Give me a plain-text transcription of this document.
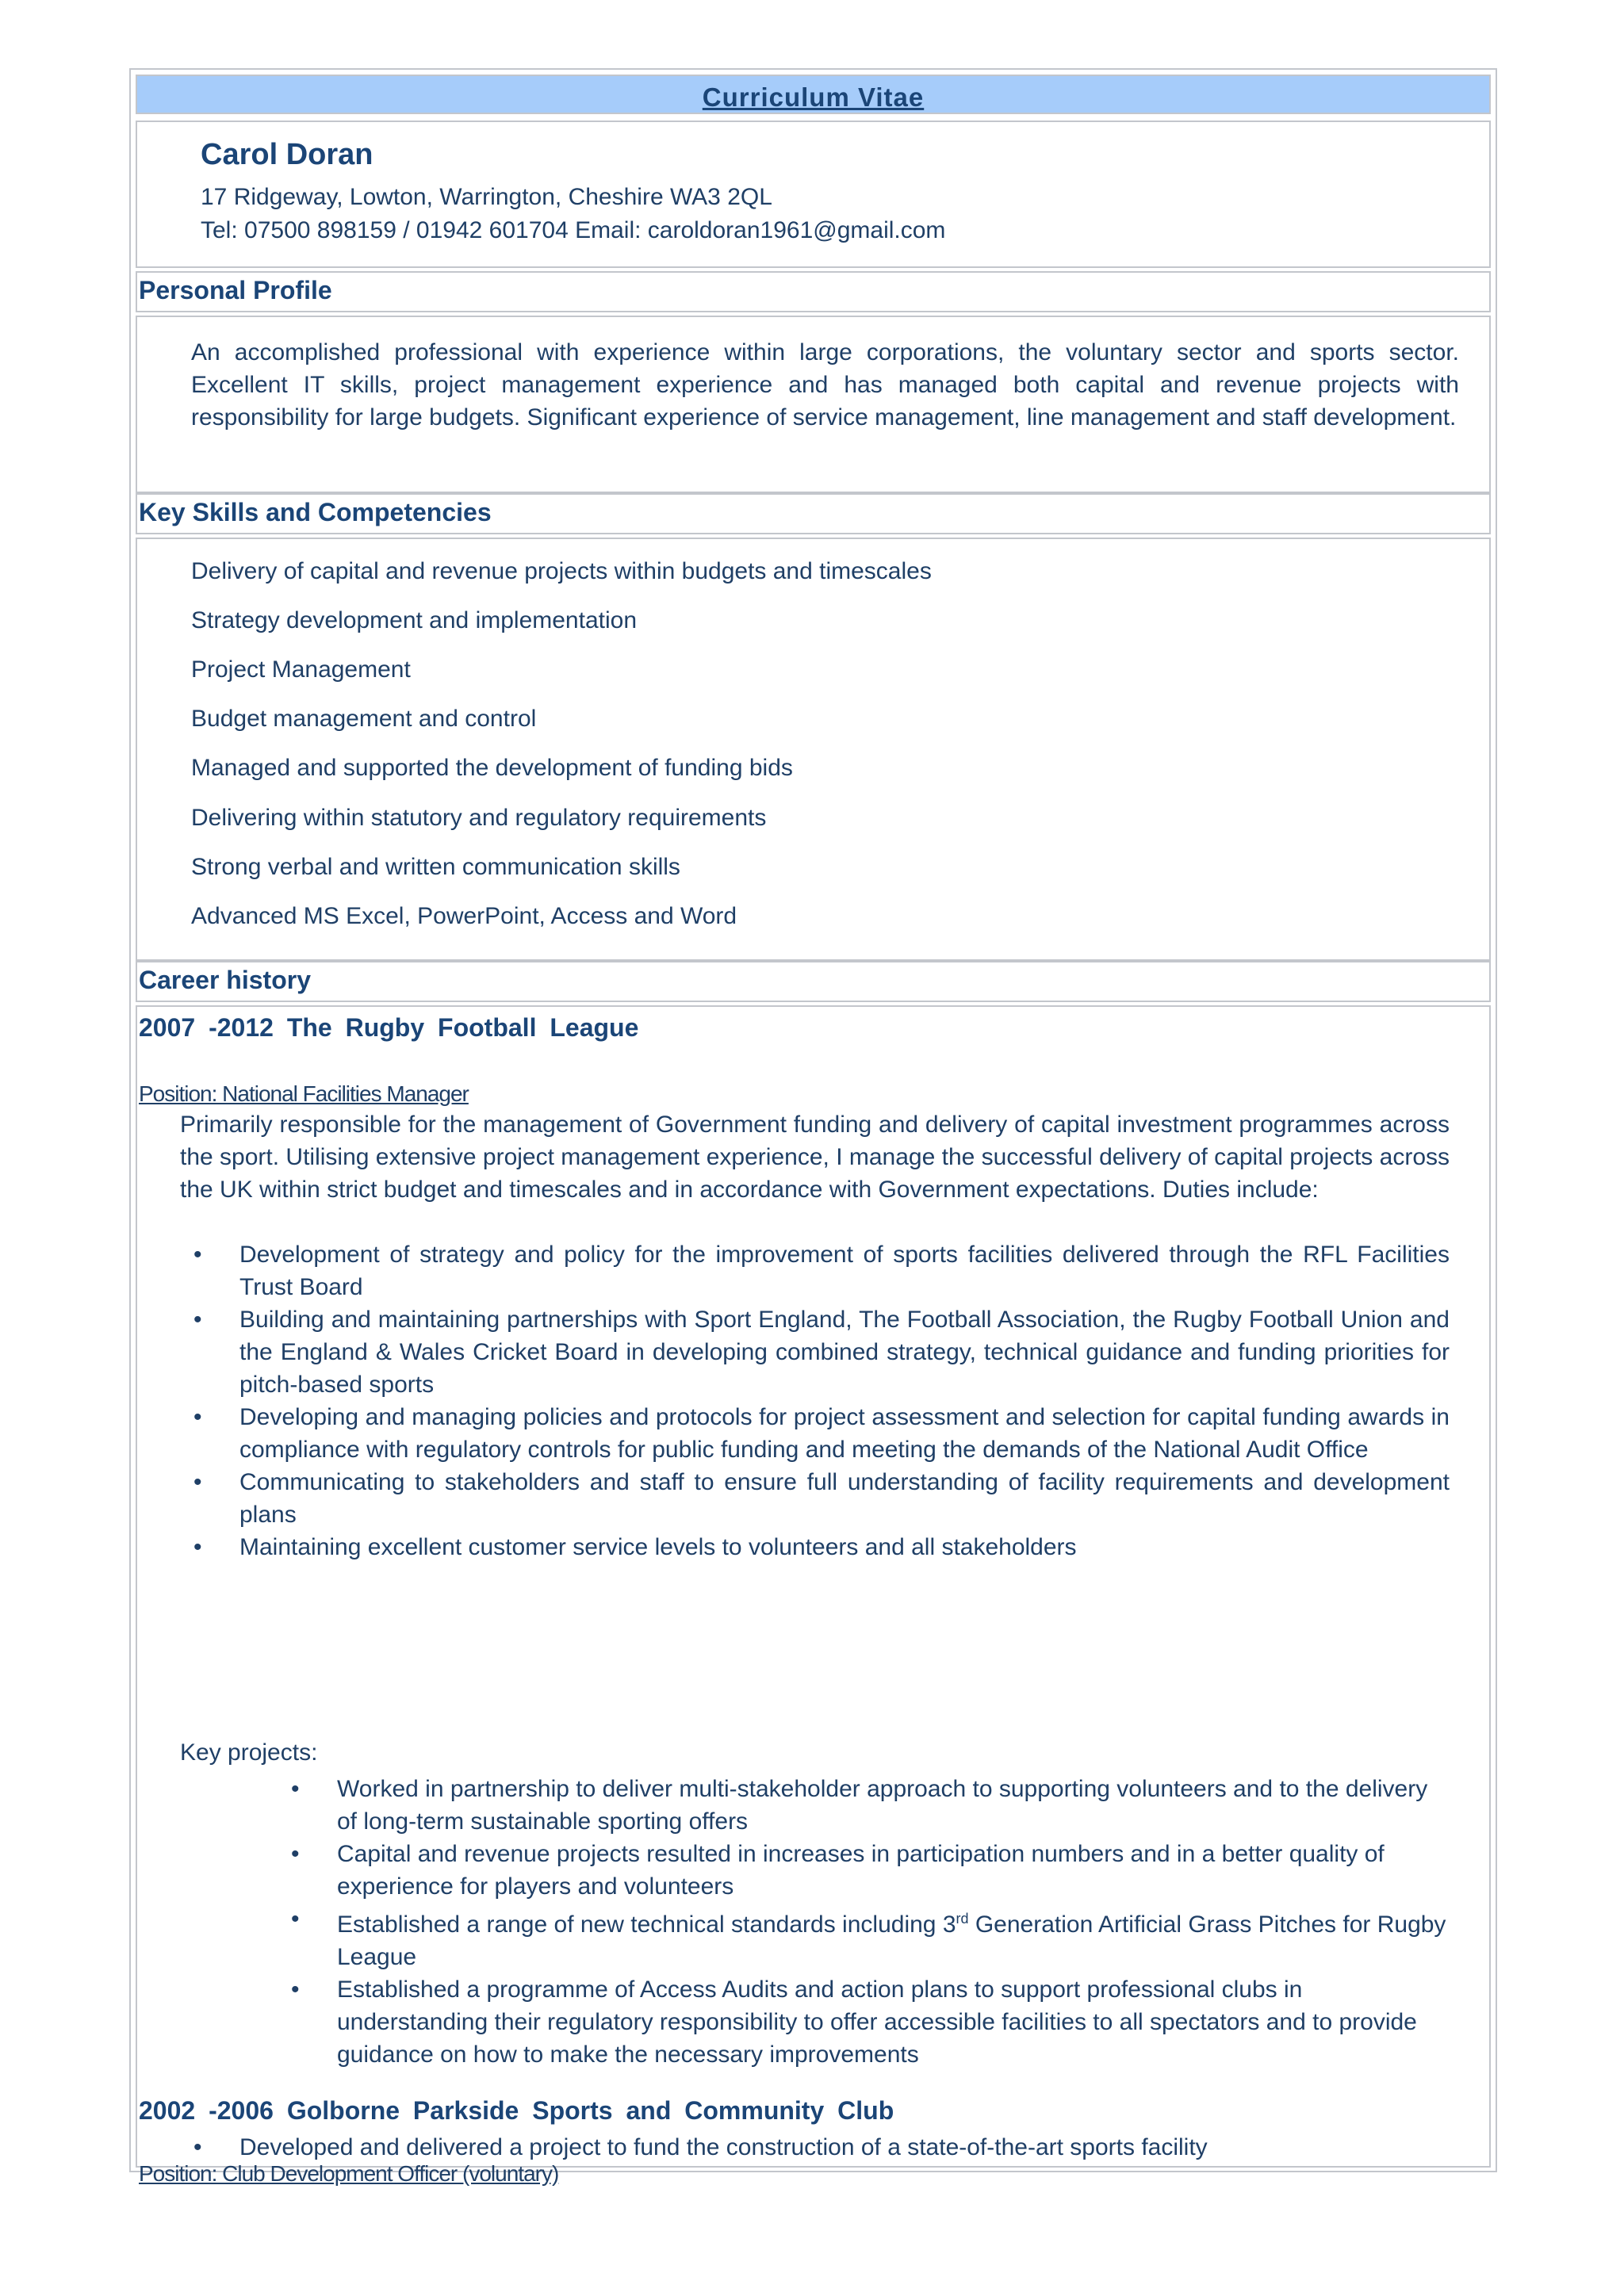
Curriculum Vitae
Carol Doran
17 Ridgeway, Lowton, Warrington, Cheshire WA3 2QL
Tel: 07500 898159 / 01942 601704 Email: caroldoran1961@gmail.com
Personal Profile
An accomplished professional with experience within large corporations, the voluntary sector and sports sector. Excellent IT skills, project management experience and has managed both capital and revenue projects with responsibility for large budgets. Significant experience of service management, line management and staff development.
Key Skills and Competencies
Delivery of capital and revenue projects within budgets and timescales
Strategy development and implementation
Project Management
Budget management and control
Managed and supported the development of funding bids
Delivering within statutory and regulatory requirements
Strong verbal and written communication skills
Advanced MS Excel, PowerPoint, Access and Word
Career history
2007 -2012 The Rugby Football League
Position: National Facilities Manager
Primarily responsible for the management of Government funding and delivery of capital investment programmes across the sport. Utilising extensive project management experience, I manage the successful delivery of capital projects across the UK within strict budget and timescales and in accordance with Government expectations. Duties include:
• Development of strategy and policy for the improvement of sports facilities delivered through the RFL Facilities Trust Board
• Building and maintaining partnerships with Sport England, The Football Association, the Rugby Football Union and the England & Wales Cricket Board in developing combined strategy, technical guidance and funding priorities for pitch-based sports
• Developing and managing policies and protocols for project assessment and selection for capital funding awards in compliance with regulatory controls for public funding and meeting the demands of the National Audit Office
• Communicating to stakeholders and staff to ensure full understanding of facility requirements and development plans
• Maintaining excellent customer service levels to volunteers and all stakeholders
Key projects:
• Worked in partnership to deliver multi-stakeholder approach to supporting volunteers and to the delivery of long-term sustainable sporting offers
• Capital and revenue projects resulted in increases in participation numbers and in a better quality of experience for players and volunteers
• Established a range of new technical standards including 3rd Generation Artificial Grass Pitches for Rugby League
• Established a programme of Access Audits and action plans to support professional clubs in understanding their regulatory responsibility to offer accessible facilities to all spectators and to provide guidance on how to make the necessary improvements
2002 -2006 Golborne Parkside Sports and Community Club
Position: Club Development Officer (voluntary)
• Developed and delivered a project to fund the construction of a state-of-the-art sports facility
